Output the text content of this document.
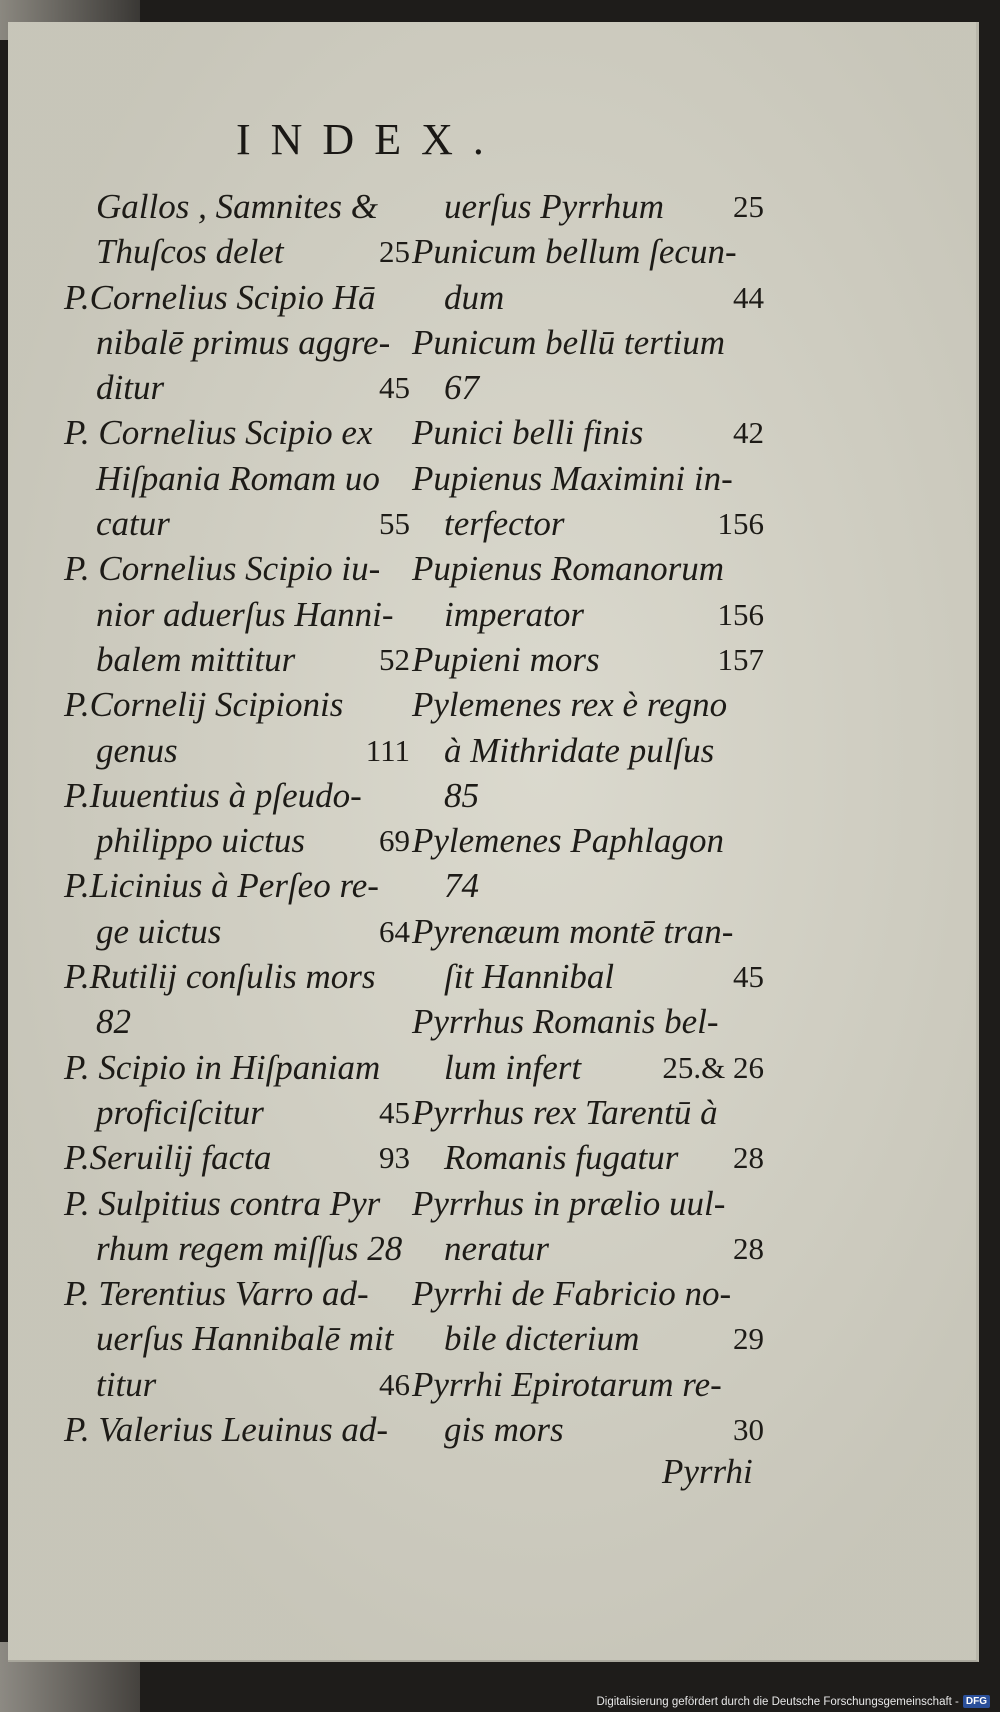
INDEX.
Gallos , Samnites &
Thuſcos delet	25
P.Cornelius Scipio Hā
nibalē primus aggre-
ditur	45
P. Cornelius Scipio ex
Hiſpania Romam uo
catur	55
P. Cornelius Scipio iu-
nior aduerſus Hanni-
balem mittitur	52
P.Cornelij Scipionis
genus	111
P.Iuuentius à pſeudo-
philippo uictus 69
P.Licinius à Perſeo re-
ge uictus	64
P.Rutilij conſulis mors
82
P. Scipio in Hiſpaniam
proficiſcitur	45
P.Seruilij facta	93
P. Sulpitius contra Pyr
rhum regem miſſus 28
P. Terentius Varro ad-
uerſus Hannibalē mit
titur	46
P. Valerius Leuinus ad-
uerſus Pyrrhum 25
Punicum bellum ſecun-
dum	44
Punicum bellū tertium
67
Punici belli finis	42
Pupienus Maximini in-
terfector	156
Pupienus Romanorum
imperator	156
Pupieni mors	157
Pylemenes rex è regno
à Mithridate pulſus
85
Pylemenes Paphlagon
74
Pyrenæum montē tran-
ſit Hannibal	45
Pyrrhus Romanis bel-
lum infert	25.& 26
Pyrrhus rex Tarentū à
Romanis fugatur 28
Pyrrhus in prælio uul-
neratur	28
Pyrrhi de Fabricio no-
bile dicterium	29
Pyrrhi Epirotarum re-
gis mors	30
Pyrrhi
Digitalisierung gefördert durch die Deutsche Forschungsgemeinschaft - DFG
